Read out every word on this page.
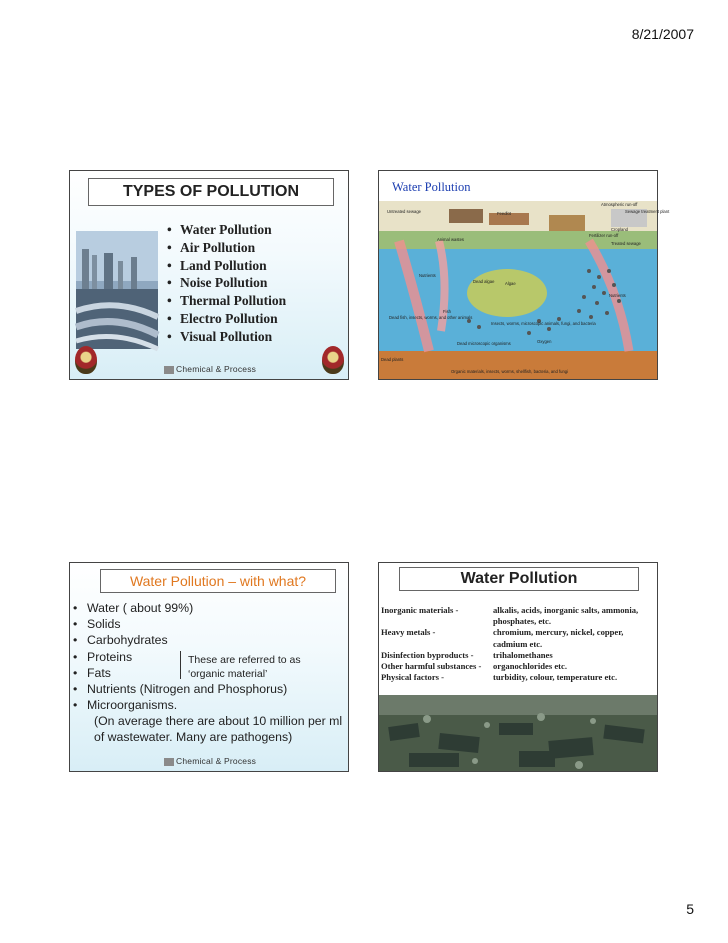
8/21/2007
TYPES OF POLLUTION
• Water Pollution
• Air Pollution
• Land Pollution
• Noise Pollution
• Thermal Pollution
• Electro Pollution
• Visual Pollution
Chemical & Process
Water Pollution
Atmospheric run-off
Sewage treatment plant
Cropland
Untreated sewage	Feedlot
Fertilizer run-off
Treated sewage
Animal wastes
Nutrients
Dead algae	Algae
Nutrients
Fish
Dead fish, insects, worms, and other animals
Insects, worms, microscopic animals, fungi, and bacteria
Oxygen
Dead microscopic organisms
Dead plants
Organic materials, insects, worms, shellfish, bacteria, and fungi
Water Pollution – with what?
• Water ( about 99%)
• Solids
• Carbohydrates
• Proteins
• Fats
• Nutrients (Nitrogen and Phosphorus)
• Microorganisms.
These are referred to as
‘organic material’
(On average there are about 10 million per ml of wastewater. Many are pathogens)
Chemical & Process
Water Pollution
Inorganic materials -	alkalis, acids, inorganic salts, ammonia, phosphates, etc.
Heavy metals -	chromium, mercury, nickel, copper, cadmium etc.
Disinfection byproducts -	trihalomethanes
Other harmful substances -	organochlorides etc.
Physical factors -	turbidity, colour, temperature etc.
5
